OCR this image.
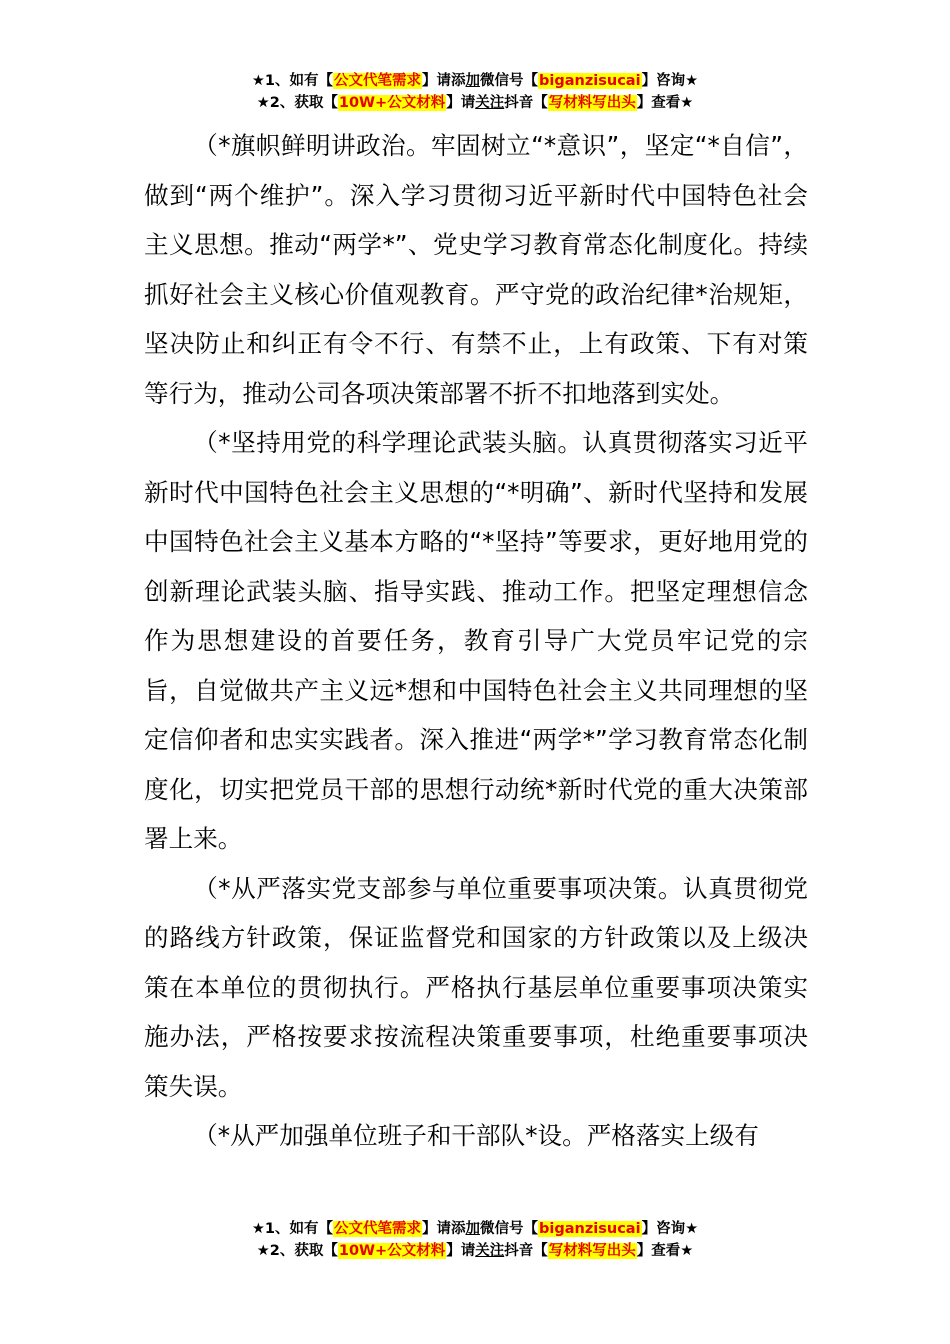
★1、如有【公文代笔需求】请添加微信号【biganzisucai】咨询★
★2、获取【10W+公文材料】请关注抖音【写材料写出头】查看★

（*旗帜鲜明讲政治。牢固树立“*意识”，坚定“*自信”，做到“两个维护”。深入学习贯彻习近平新时代中国特色社会主义思想。推动“两学*”、党史学习教育常态化制度化。持续抓好社会主义核心价值观教育。严守党的政治纪律*治规矩，坚决防止和纠正有令不行、有禁不止，上有政策、下有对策等行为，推动公司各项决策部署不折不扣地落到实处。

（*坚持用党的科学理论武装头脑。认真贯彻落实习近平新时代中国特色社会主义思想的“*明确”、新时代坚持和发展中国特色社会主义基本方略的“*坚持”等要求，更好地用党的创新理论武装头脑、指导实践、推动工作。把坚定理想信念作为思想建设的首要任务，教育引导广大党员牢记党的宗旨，自觉做共产主义远*想和中国特色社会主义共同理想的坚定信仰者和忠实实践者。深入推进“两学*”学习教育常态化制度化，切实把党员干部的思想行动统*新时代党的重大决策部署上来。

（*从严落实党支部参与单位重要事项决策。认真贯彻党的路线方针政策，保证监督党和国家的方针政策以及上级决策在本单位的贯彻执行。严格执行基层单位重要事项决策实施办法，严格按要求按流程决策重要事项，杜绝重要事项决策失误。

（*从严加强单位班子和干部队*设。严格落实上级有

★1、如有【公文代笔需求】请添加微信号【biganzisucai】咨询★
★2、获取【10W+公文材料】请关注抖音【写材料写出头】查看★
